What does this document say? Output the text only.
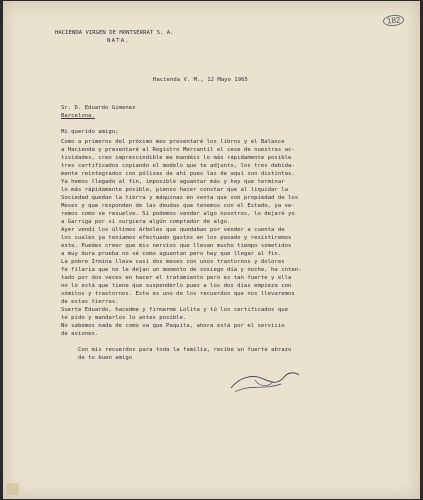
182
HACIENDA VIRGEN DE MONTSERRAT S. A.
NATA.
Hacienda V. M., 12 Mayo 1965
Sr. D. Eduardo Gimenez
Barcelona.
Mi querido amigo;
Como a primeros del próximo mes presentaré los libros y el Balance
a Hacienda y presentaré al Registro Mercantil el cese de nuestras ac-
tividades, creo imprescindible me mandéis lo más rápidamente posible
tres certificados copiando el modelo que te adjunto, los tres debida-
mente reintegrados con pólizas de ahí pues las de aquí son distintas.
Ya hemos llegado al fin, imposible aguantar más y hay que terminar
lo más rápidamente posible, pienso hacer constar que al liquidar la
Sociedad quedan la tierra y máquinas en venta que son propiedad de los
Meses y que responden de las deudas que tenemos con el Estado, ya ve-
remos como se resuelve. Si podemos vender algo nosotros, lo dejaré yo
a Garriga por si surgiera algún comprador de algo.
Ayer vendí los últimos árboles que quedaban por vender a cuenta de
los cuales ya teníamos efectuado gastos en los pasado y resistiremos
este. Puedes creer que mis nervios que llevan mucho tiempo sometidos
a muy dura prueba no sé como aguantan pero hay que llegar al fin.
La pobre Irmina lleva casi dos meses con unos trastornos y dolores
fe filaria que no le dejan un momento de sosiego día y noche, ha inten-
tado por dos veces en hacer el tratamiento pero es tan fuerte y ella
no lo está que tiene que suspenderlo pues a los dos días empieza con
vómitos y trastornos. Este es uno de los recuerdos que nos llevaremos
de estas tierras.
Suerte Eduardo, hacedme y firmarme Lolita y tú los certificados que
te pido y mandarlos lo antes posible.
No sabemos nada de como va que Paquita, ahora está por el servicio
de aviones.
Con mis recuerdos para toda la familia, recibe un fuerte abrazo
de tu buen amigo
